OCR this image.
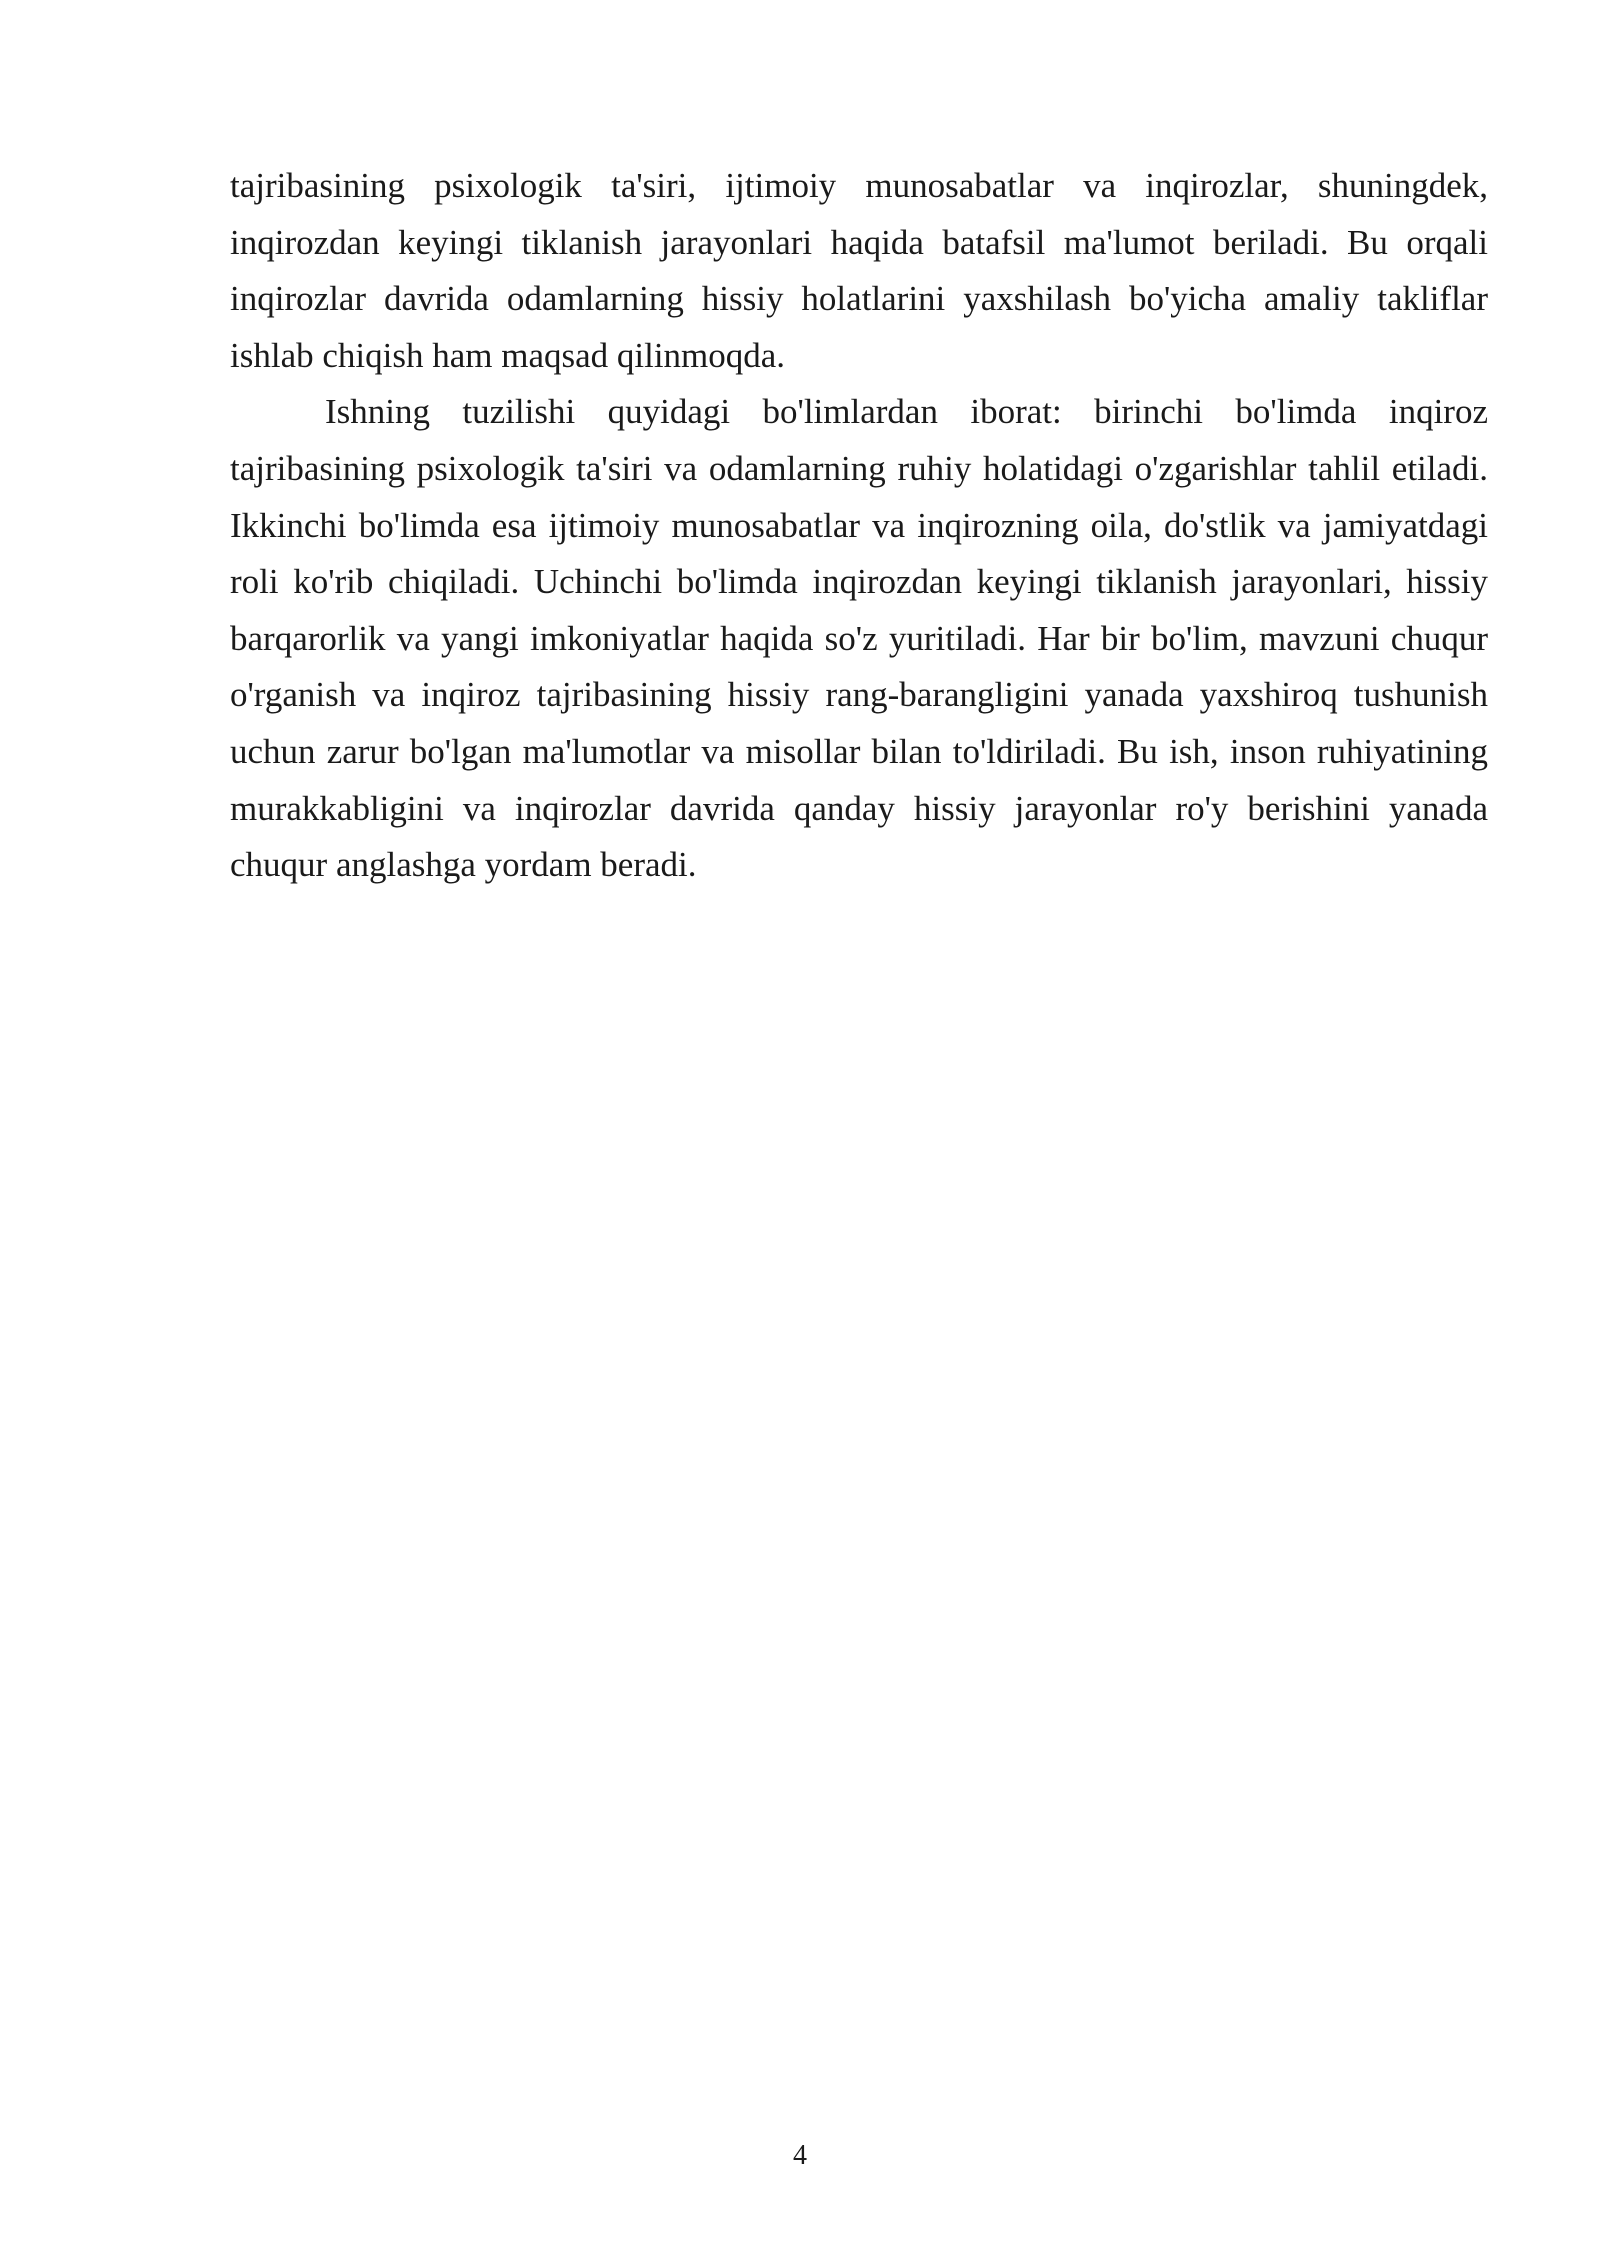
tajribasining psixologik ta'siri, ijtimoiy munosabatlar va inqirozlar, shuningdek, inqirozdan keyingi tiklanish jarayonlari haqida batafsil ma'lumot beriladi. Bu orqali inqirozlar davrida odamlarning hissiy holatlarini yaxshilash bo'yicha amaliy takliflar ishlab chiqish ham maqsad qilinmoqda.

Ishning tuzilishi quyidagi bo'limlardan iborat: birinchi bo'limda inqiroz tajribasining psixologik ta'siri va odamlarning ruhiy holatidagi o'zgarishlar tahlil etiladi. Ikkinchi bo'limda esa ijtimoiy munosabatlar va inqirozning oila, do'stlik va jamiyatdagi roli ko'rib chiqiladi. Uchinchi bo'limda inqirozdan keyingi tiklanish jarayonlari, hissiy barqarorlik va yangi imkoniyatlar haqida so'z yuritiladi. Har bir bo'lim, mavzuni chuqur o'rganish va inqiroz tajribasining hissiy rang-barangligini yanada yaxshiroq tushunish uchun zarur bo'lgan ma'lumotlar va misollar bilan to'ldiriladi. Bu ish, inson ruhiyatining murakkabligini va inqirozlar davrida qanday hissiy jarayonlar ro'y berishini yanada chuqur anglashga yordam beradi.

4
